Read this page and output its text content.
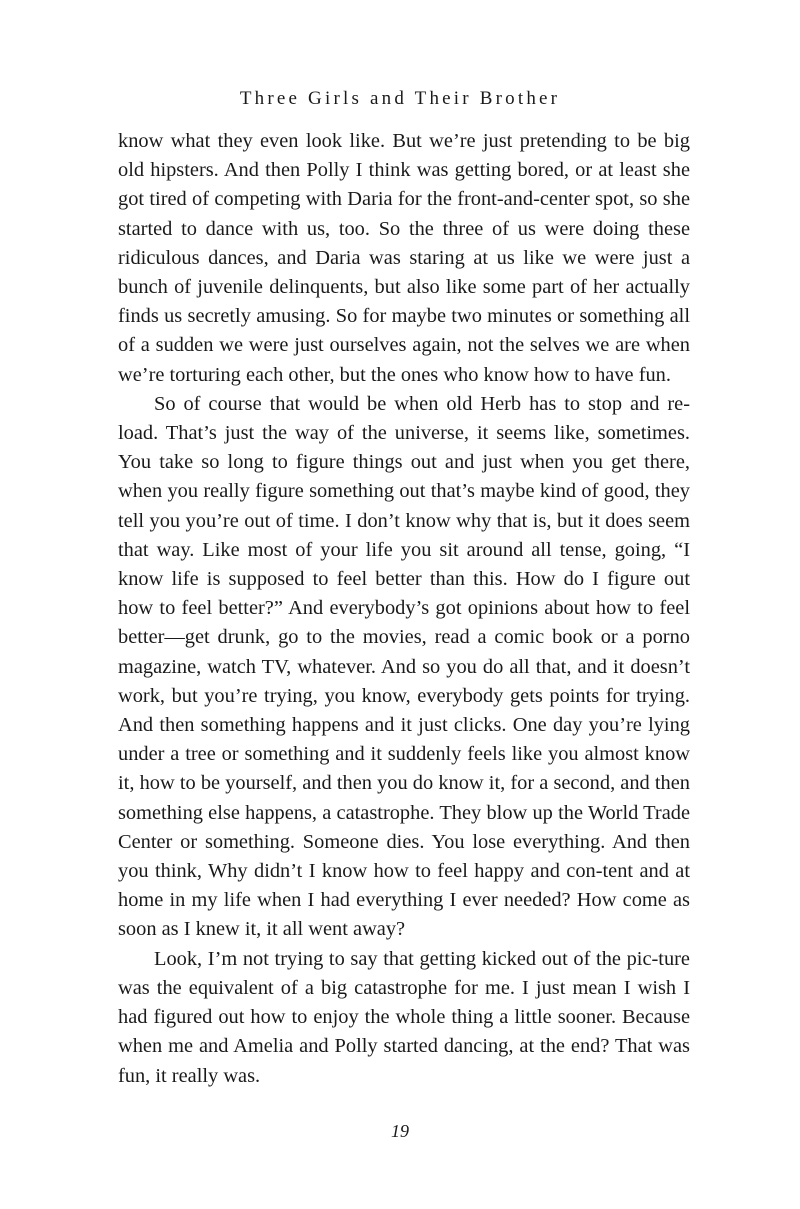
Three Girls and Their Brother

know what they even look like. But we’re just pretending to be big old hipsters. And then Polly I think was getting bored, or at least she got tired of competing with Daria for the front-and-center spot, so she started to dance with us, too. So the three of us were doing these ridiculous dances, and Daria was staring at us like we were just a bunch of juvenile delinquents, but also like some part of her actually finds us secretly amusing. So for maybe two minutes or something all of a sudden we were just ourselves again, not the selves we are when we’re torturing each other, but the ones who know how to have fun.

So of course that would be when old Herb has to stop and re-load. That’s just the way of the universe, it seems like, sometimes. You take so long to figure things out and just when you get there, when you really figure something out that’s maybe kind of good, they tell you you’re out of time. I don’t know why that is, but it does seem that way. Like most of your life you sit around all tense, going, “I know life is supposed to feel better than this. How do I figure out how to feel better?” And everybody’s got opinions about how to feel better—get drunk, go to the movies, read a comic book or a porno magazine, watch TV, whatever. And so you do all that, and it doesn’t work, but you’re trying, you know, everybody gets points for trying. And then something happens and it just clicks. One day you’re lying under a tree or something and it suddenly feels like you almost know it, how to be yourself, and then you do know it, for a second, and then something else happens, a catastrophe. They blow up the World Trade Center or something. Someone dies. You lose everything. And then you think, Why didn’t I know how to feel happy and con-tent and at home in my life when I had everything I ever needed? How come as soon as I knew it, it all went away?

Look, I’m not trying to say that getting kicked out of the pic-ture was the equivalent of a big catastrophe for me. I just mean I wish I had figured out how to enjoy the whole thing a little sooner. Because when me and Amelia and Polly started dancing, at the end? That was fun, it really was.

19
